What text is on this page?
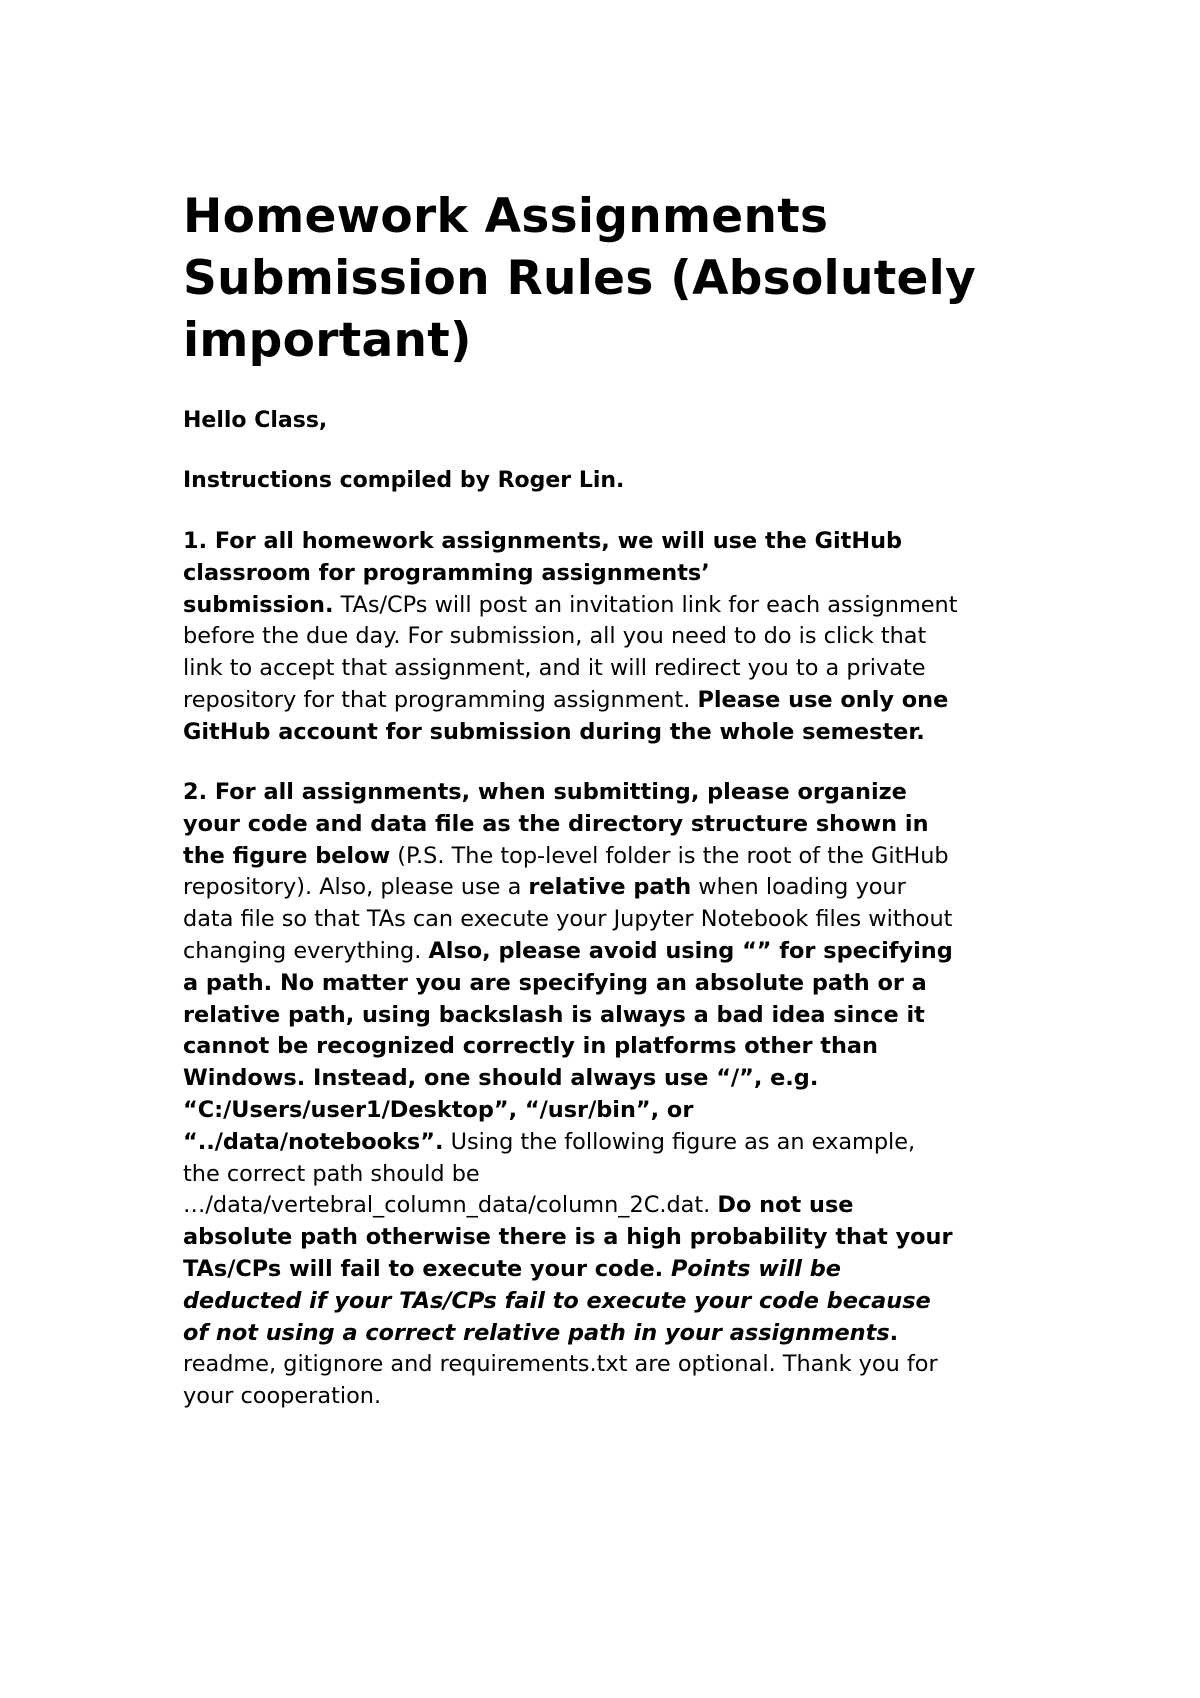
Homework Assignments
Submission Rules (Absolutely
important)

Hello Class,

Instructions compiled by Roger Lin.

1. For all homework assignments, we will use the GitHub
classroom for programming assignments’
submission. TAs/CPs will post an invitation link for each assignment
before the due day. For submission, all you need to do is click that
link to accept that assignment, and it will redirect you to a private
repository for that programming assignment. Please use only one
GitHub account for submission during the whole semester.
2. For all assignments, when submitting, please organize
your code and data file as the directory structure shown in
the figure below (P.S. The top-level folder is the root of the GitHub
repository). Also, please use a relative path when loading your
data file so that TAs can execute your Jupyter Notebook files without
changing everything. Also, please avoid using “” for specifying
a path. No matter you are specifying an absolute path or a
relative path, using backslash is always a bad idea since it
cannot be recognized correctly in platforms other than
Windows. Instead, one should always use “/”, e.g.
“C:/Users/user1/Desktop”, “/usr/bin”, or
“../data/notebooks”. Using the following figure as an example,
the correct path should be
…/data/vertebral_column_data/column_2C.dat. Do not use
absolute path otherwise there is a high probability that your
TAs/CPs will fail to execute your code. Points will be
deducted if your TAs/CPs fail to execute your code because
of not using a correct relative path in your assignments.
readme, gitignore and requirements.txt are optional. Thank you for
your cooperation.
